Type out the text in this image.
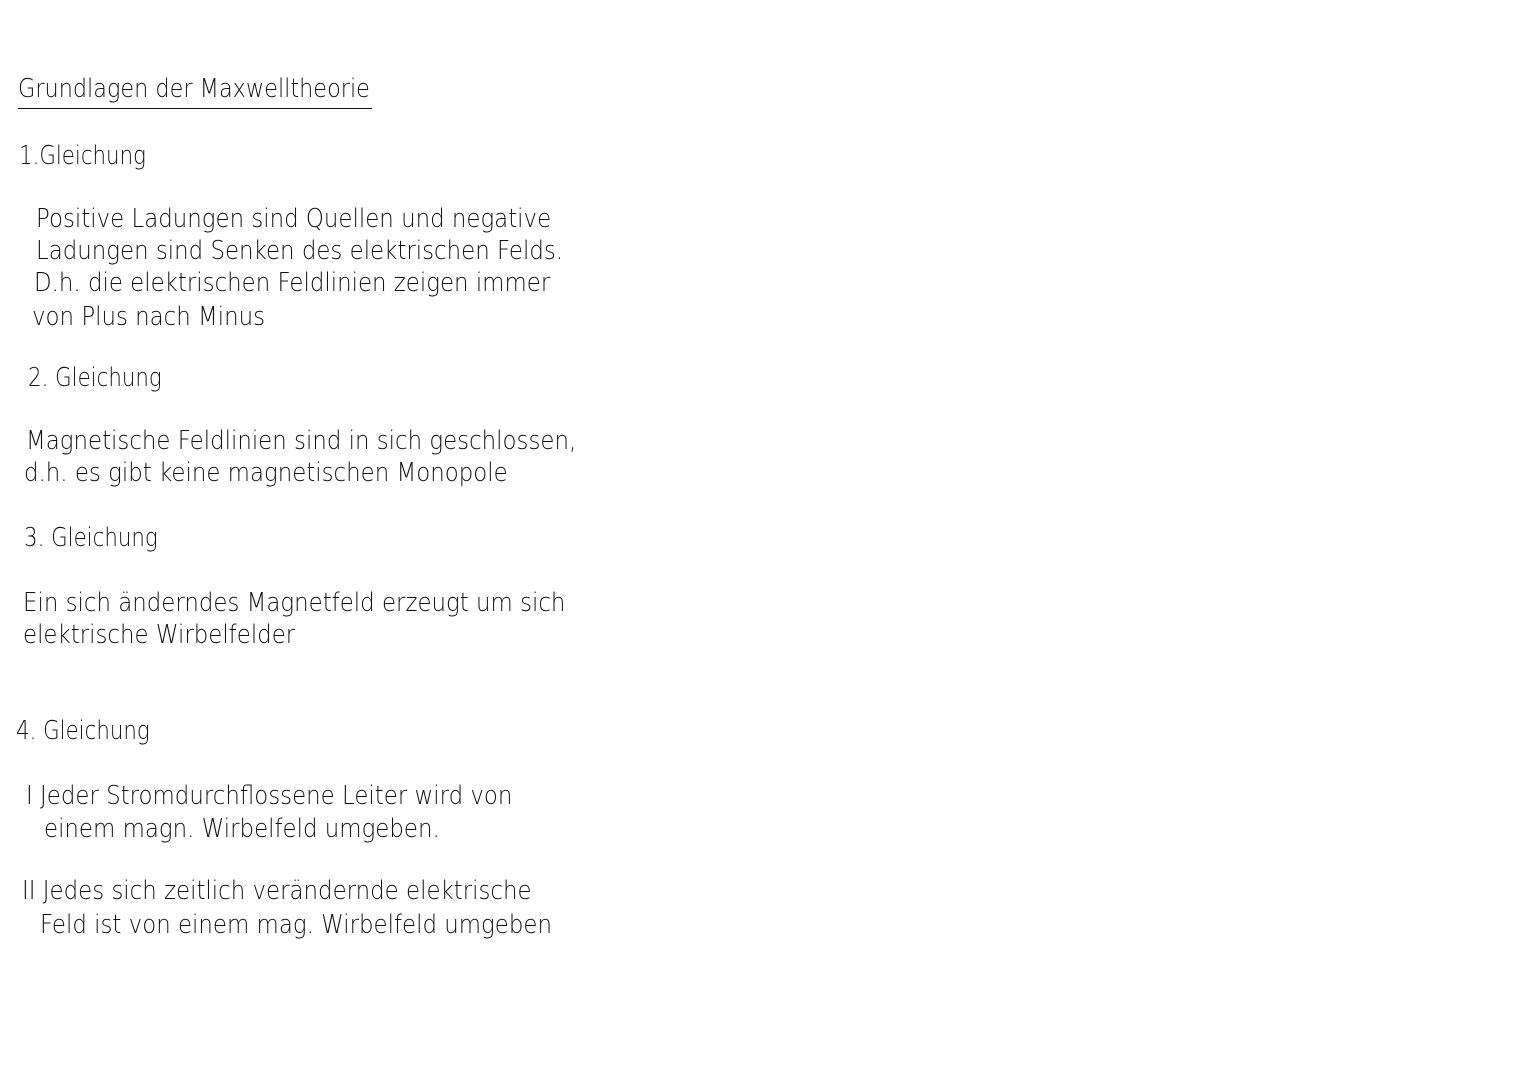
Grundlagen der Maxwelltheorie
1.Gleichung
Positive Ladungen sind Quellen und negative
Ladungen sind Senken des elektrischen Felds.
D.h. die elektrischen Feldlinien zeigen immer
von Plus nach Minus
2. Gleichung
Magnetische Feldlinien sind in sich geschlossen,
d.h. es gibt keine magnetischen Monopole
3. Gleichung
Ein sich änderndes Magnetfeld erzeugt um sich
elektrische Wirbelfelder
4. Gleichung
I Jeder Stromdurchflossene Leiter wird von
einem magn. Wirbelfeld umgeben.
II Jedes sich zeitlich verändernde elektrische
Feld ist von einem mag. Wirbelfeld umgeben
